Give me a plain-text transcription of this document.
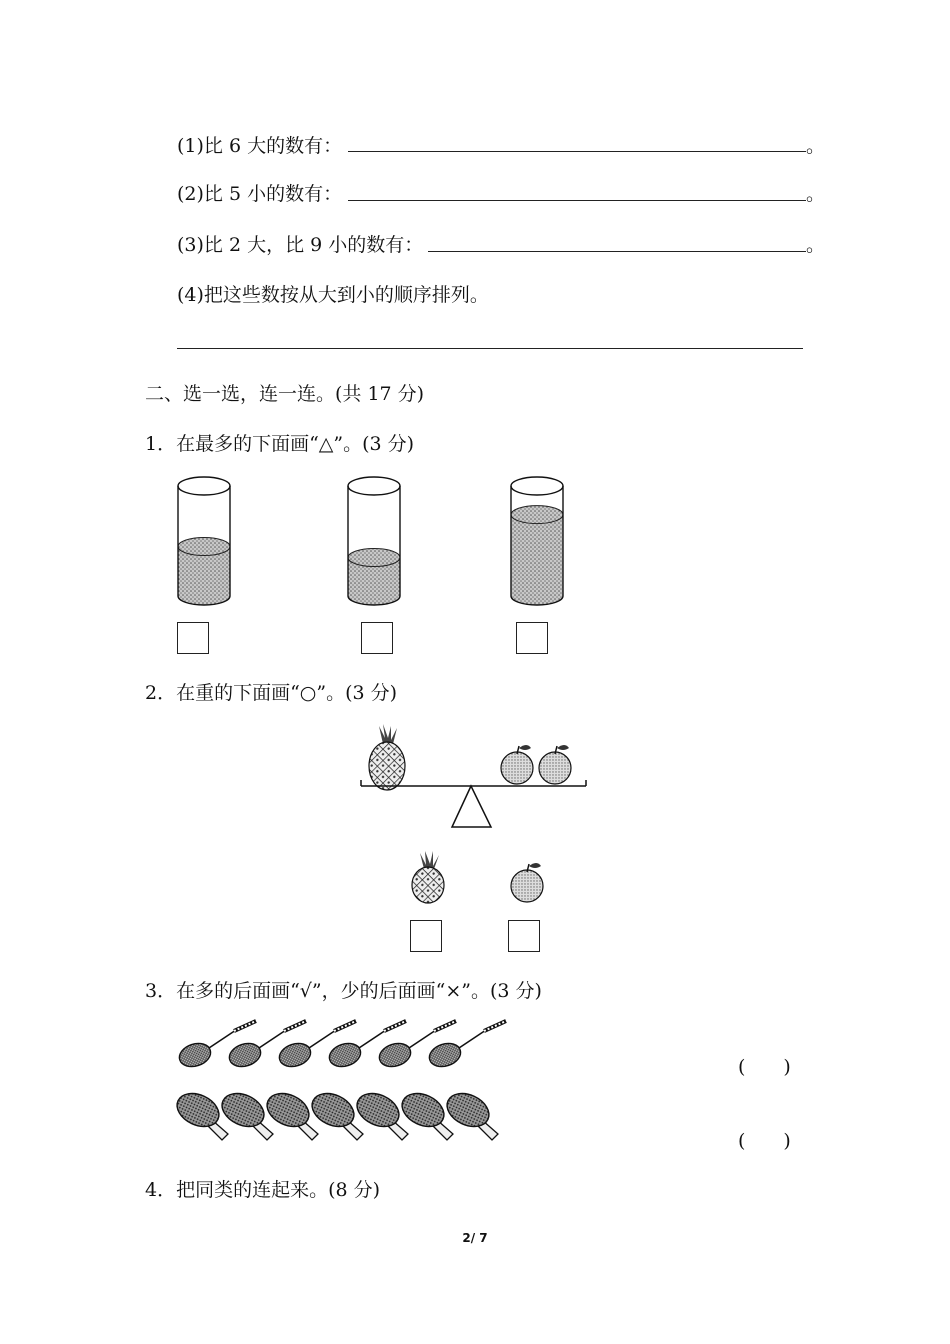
(1)比 6 大的数有：	。
(2)比 5 小的数有：	。
(3)比 2 大，比 9 小的数有：	。
(4)把这些数按从大到小的顺序排列。
二、选一选，连一连。(共 17 分)
1．在最多的下面画“△”。(3 分)
2．在重的下面画“○”。(3 分)
3．在多的后面画“√”，少的后面画“×”。(3 分)
(　　)
(　　)
4．把同类的连起来。(8 分)
2/ 7
